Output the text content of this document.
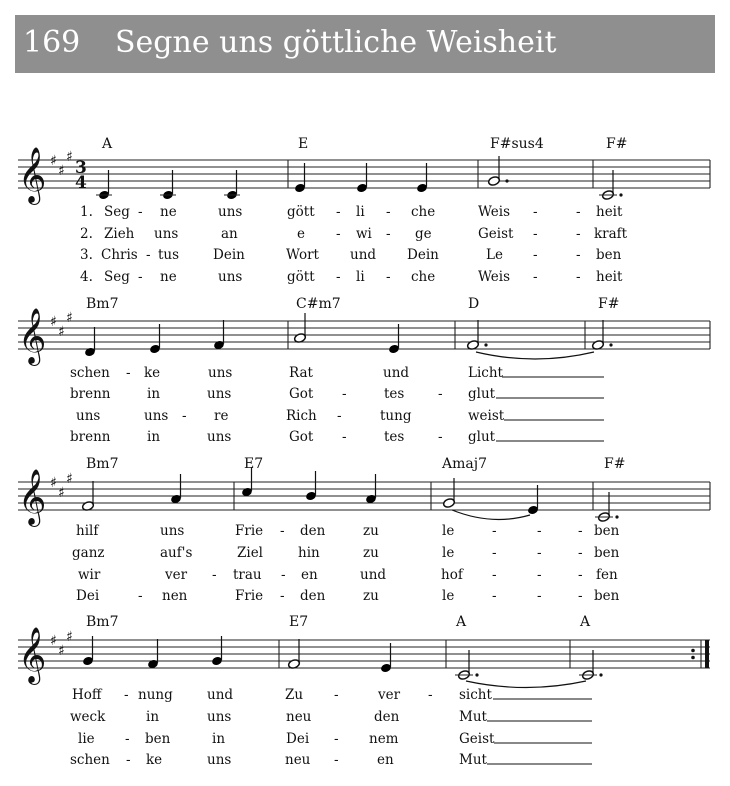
169 Segne uns göttliche Weisheit
A	E	F#sus4	F#
𝄞 ♯
♯
♯
3
4
1. Seg - ne	uns	gött - li - che	Weis -	- heit
2. Zieh uns	an	e - wi - ge	Geist -	- kraft
3. Chris - tus	Dein	Wort und Dein	Le -	- ben
4. Seg - ne	uns	gött - li - che	Weis -	- heit
Bm7	C#m7	D	F#
𝄞 ♯
♯
♯
schen - ke	uns	Rat	und	Licht
brenn	in	uns	Got -	tes - glut
uns	uns - re	Rich -	tung	weist
brenn	in	uns	Got -	tes - glut
Bm7	E7	Amaj7	F#
𝄞 ♯
♯
♯
hilf	uns	Frie - den	zu	le	-	-	- ben
ganz	auf's	Ziel	hin	zu	le	-	-	- ben
wir	ver - trau - en	und	hof -	-	- fen
Dei	- nen	Frie - den	zu	le	-	-	- ben
Bm7	E7	A	A
𝄞 ♯
♯
♯
Hoff - nung	und	Zu -	ver - sicht
weck	in	uns	neu	den	Mut
lie - ben	in	Dei - nem	Geist
schen - ke	uns	neu -	en	Mut
